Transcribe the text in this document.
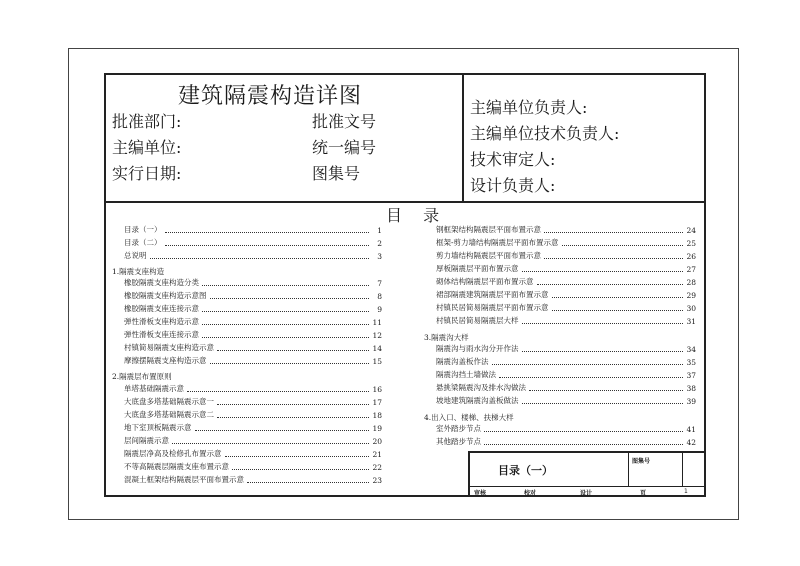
建筑隔震构造详图
批准部门:	批准文号
主编单位:	统一编号
实行日期:	图集号
主编单位负责人:
主编单位技术负责人:
技术审定人:
设计负责人:
目 录
目录（一）	1
目录（二）	2
总说明	3
1.隔震支座构造
橡胶隔震支座构造分类	7
橡胶隔震支座构造示意图	8
橡胶隔震支座连接示意	9
弹性滑板支座构造示意	11
弹性滑板支座连接示意	12
村镇简易隔震支座构造示意	14
摩擦摆隔震支座构造示意	15
2.隔震层布置原则
单塔基础隔震示意	16
大底盘多塔基础隔震示意一	17
大底盘多塔基础隔震示意二	18
地下室顶板隔震示意	19
层间隔震示意	20
隔震层净高及检修孔布置示意	21
不等高隔震层隔震支座布置示意	22
混凝土框架结构隔震层平面布置示意	23
钢框架结构隔震层平面布置示意	24
框架-剪力墙结构隔震层平面布置示意	25
剪力墙结构隔震层平面布置示意	26
厚板隔震层平面布置示意	27
砌体结构隔震层平面布置示意	28
裙部隔震建筑隔震层平面布置示意	29
村镇民居简易隔震层平面布置示意	30
村镇民居简易隔震层大样	31
3.隔震沟大样
隔震沟与雨水沟分开作法	34
隔震沟盖板作法	35
隔震沟挡土墙做法	37
悬挑梁隔震沟及排水沟做法	38
坡地建筑隔震沟盖板做法	39
4.出入口、楼梯、扶梯大样
室外踏步节点	41
其他踏步节点	42
目录（一）
图集号
审核	校对	设计	页	1
